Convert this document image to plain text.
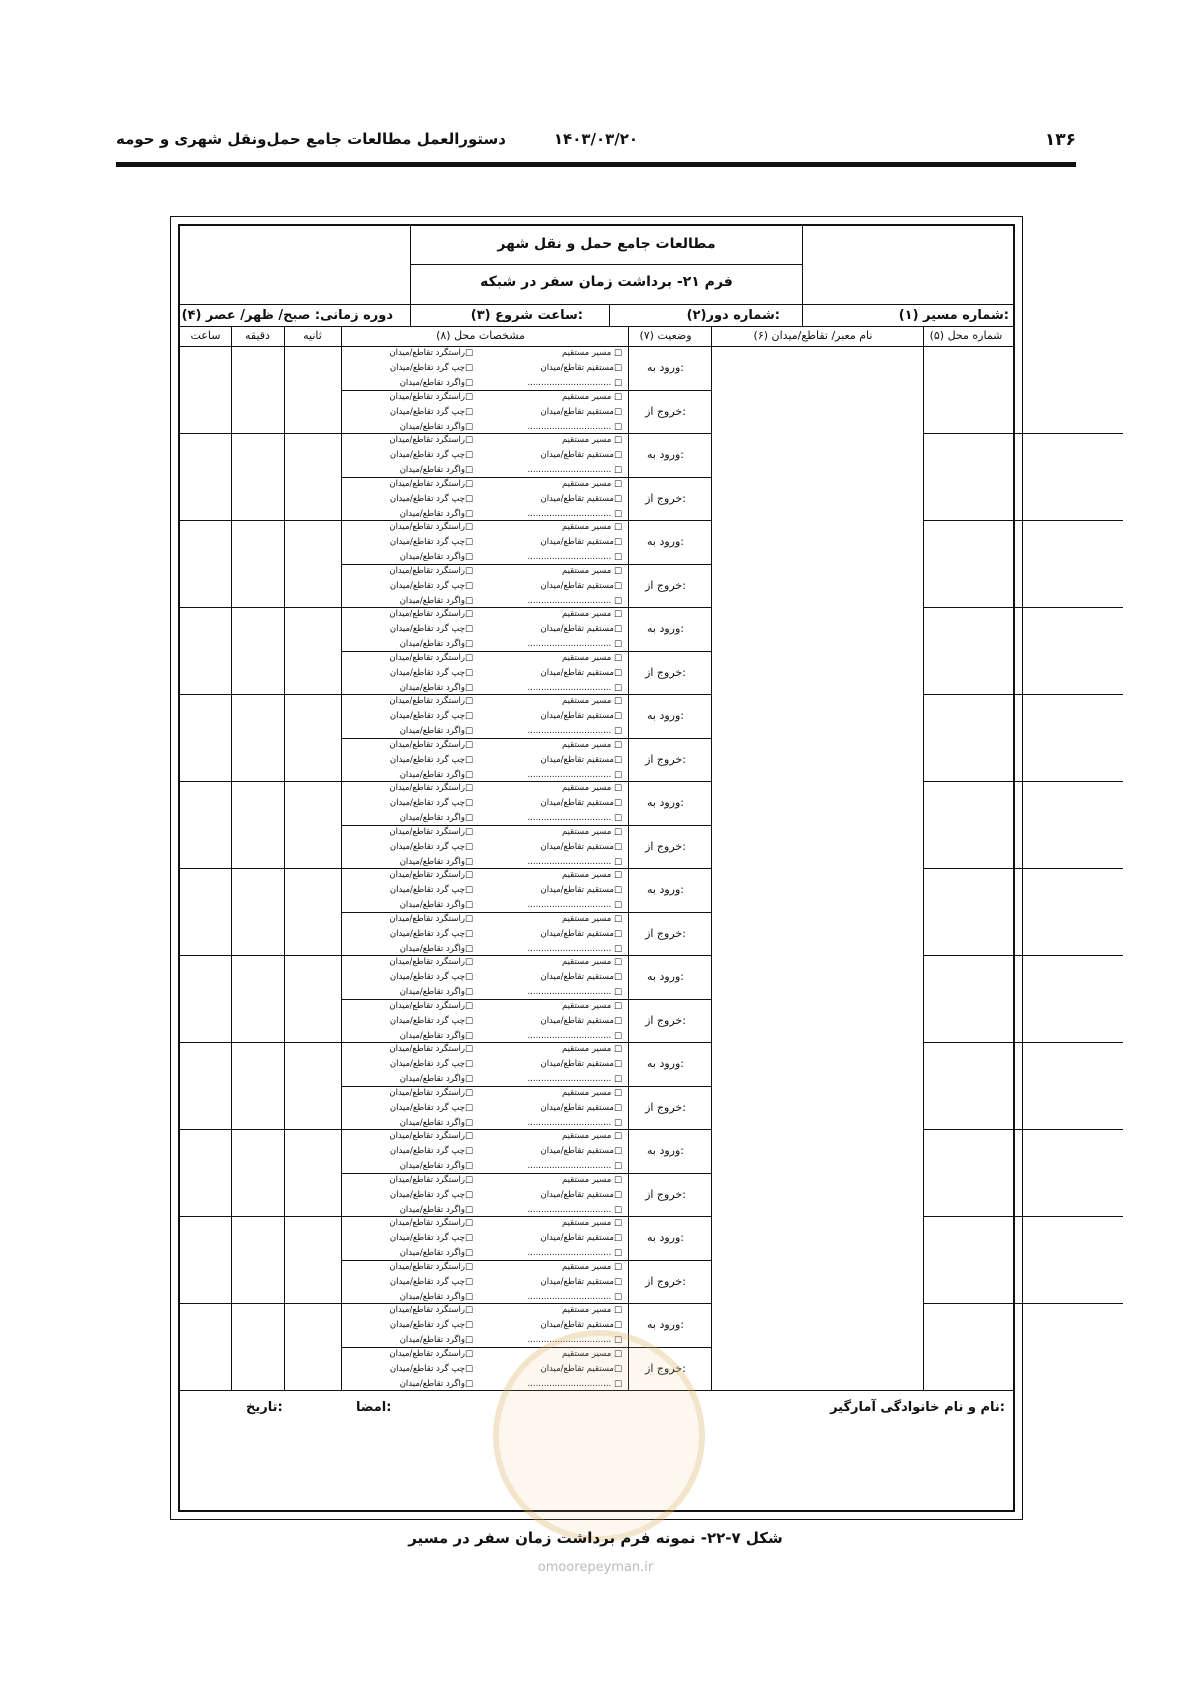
۱۳۶
۱۴۰۳/۰۳/۲۰
دستورالعمل مطالعات جامع حمل‌ونقل شهری و حومه
مطالعات جامع حمل و نقل شهر
فرم ۲۱- برداشت زمان سفر در شبکه
(۱) شماره مسیر:
(۲)شماره دور:
(۳) ساعت شروع:
(۴) دوره زمانی: صبح/ ظهر/ عصر
(۵) شماره محل
(۶) نام معبر/ تقاطع/میدان
(۷) وضعیت
(۸) مشخصات محل
ثانیه
دقیقه
ساعت
ورود به:
□ مسیر مستقیم
□مستقیم تقاطع/میدان
□ ...............................
□راستگرد تقاطع/میدان
□چپ گرد تقاطع/میدان
□واگرد تقاطع/میدان
خروج از:
□ مسیر مستقیم
□مستقیم تقاطع/میدان
□ ...............................
□راستگرد تقاطع/میدان
□چپ گرد تقاطع/میدان
□واگرد تقاطع/میدان
ورود به:
□ مسیر مستقیم
□مستقیم تقاطع/میدان
□ ...............................
□راستگرد تقاطع/میدان
□چپ گرد تقاطع/میدان
□واگرد تقاطع/میدان
خروج از:
□ مسیر مستقیم
□مستقیم تقاطع/میدان
□ ...............................
□راستگرد تقاطع/میدان
□چپ گرد تقاطع/میدان
□واگرد تقاطع/میدان
ورود به:
□ مسیر مستقیم
□مستقیم تقاطع/میدان
□ ...............................
□راستگرد تقاطع/میدان
□چپ گرد تقاطع/میدان
□واگرد تقاطع/میدان
خروج از:
□ مسیر مستقیم
□مستقیم تقاطع/میدان
□ ...............................
□راستگرد تقاطع/میدان
□چپ گرد تقاطع/میدان
□واگرد تقاطع/میدان
ورود به:
□ مسیر مستقیم
□مستقیم تقاطع/میدان
□ ...............................
□راستگرد تقاطع/میدان
□چپ گرد تقاطع/میدان
□واگرد تقاطع/میدان
خروج از:
□ مسیر مستقیم
□مستقیم تقاطع/میدان
□ ...............................
□راستگرد تقاطع/میدان
□چپ گرد تقاطع/میدان
□واگرد تقاطع/میدان
ورود به:
□ مسیر مستقیم
□مستقیم تقاطع/میدان
□ ...............................
□راستگرد تقاطع/میدان
□چپ گرد تقاطع/میدان
□واگرد تقاطع/میدان
خروج از:
□ مسیر مستقیم
□مستقیم تقاطع/میدان
□ ...............................
□راستگرد تقاطع/میدان
□چپ گرد تقاطع/میدان
□واگرد تقاطع/میدان
ورود به:
□ مسیر مستقیم
□مستقیم تقاطع/میدان
□ ...............................
□راستگرد تقاطع/میدان
□چپ گرد تقاطع/میدان
□واگرد تقاطع/میدان
خروج از:
□ مسیر مستقیم
□مستقیم تقاطع/میدان
□ ...............................
□راستگرد تقاطع/میدان
□چپ گرد تقاطع/میدان
□واگرد تقاطع/میدان
ورود به:
□ مسیر مستقیم
□مستقیم تقاطع/میدان
□ ...............................
□راستگرد تقاطع/میدان
□چپ گرد تقاطع/میدان
□واگرد تقاطع/میدان
خروج از:
□ مسیر مستقیم
□مستقیم تقاطع/میدان
□ ...............................
□راستگرد تقاطع/میدان
□چپ گرد تقاطع/میدان
□واگرد تقاطع/میدان
ورود به:
□ مسیر مستقیم
□مستقیم تقاطع/میدان
□ ...............................
□راستگرد تقاطع/میدان
□چپ گرد تقاطع/میدان
□واگرد تقاطع/میدان
خروج از:
□ مسیر مستقیم
□مستقیم تقاطع/میدان
□ ...............................
□راستگرد تقاطع/میدان
□چپ گرد تقاطع/میدان
□واگرد تقاطع/میدان
ورود به:
□ مسیر مستقیم
□مستقیم تقاطع/میدان
□ ...............................
□راستگرد تقاطع/میدان
□چپ گرد تقاطع/میدان
□واگرد تقاطع/میدان
خروج از:
□ مسیر مستقیم
□مستقیم تقاطع/میدان
□ ...............................
□راستگرد تقاطع/میدان
□چپ گرد تقاطع/میدان
□واگرد تقاطع/میدان
ورود به:
□ مسیر مستقیم
□مستقیم تقاطع/میدان
□ ...............................
□راستگرد تقاطع/میدان
□چپ گرد تقاطع/میدان
□واگرد تقاطع/میدان
خروج از:
□ مسیر مستقیم
□مستقیم تقاطع/میدان
□ ...............................
□راستگرد تقاطع/میدان
□چپ گرد تقاطع/میدان
□واگرد تقاطع/میدان
ورود به:
□ مسیر مستقیم
□مستقیم تقاطع/میدان
□ ...............................
□راستگرد تقاطع/میدان
□چپ گرد تقاطع/میدان
□واگرد تقاطع/میدان
خروج از:
□ مسیر مستقیم
□مستقیم تقاطع/میدان
□ ...............................
□راستگرد تقاطع/میدان
□چپ گرد تقاطع/میدان
□واگرد تقاطع/میدان
ورود به:
□ مسیر مستقیم
□مستقیم تقاطع/میدان
□ ...............................
□راستگرد تقاطع/میدان
□چپ گرد تقاطع/میدان
□واگرد تقاطع/میدان
خروج از:
□ مسیر مستقیم
□مستقیم تقاطع/میدان
□ ...............................
□راستگرد تقاطع/میدان
□چپ گرد تقاطع/میدان
□واگرد تقاطع/میدان
نام و نام خانوادگی آمارگیر:
امضا:
تاریخ:
شکل ۷-۲۲- نمونه فرم برداشت زمان سفر در مسیر
omoorepeyman.ir
